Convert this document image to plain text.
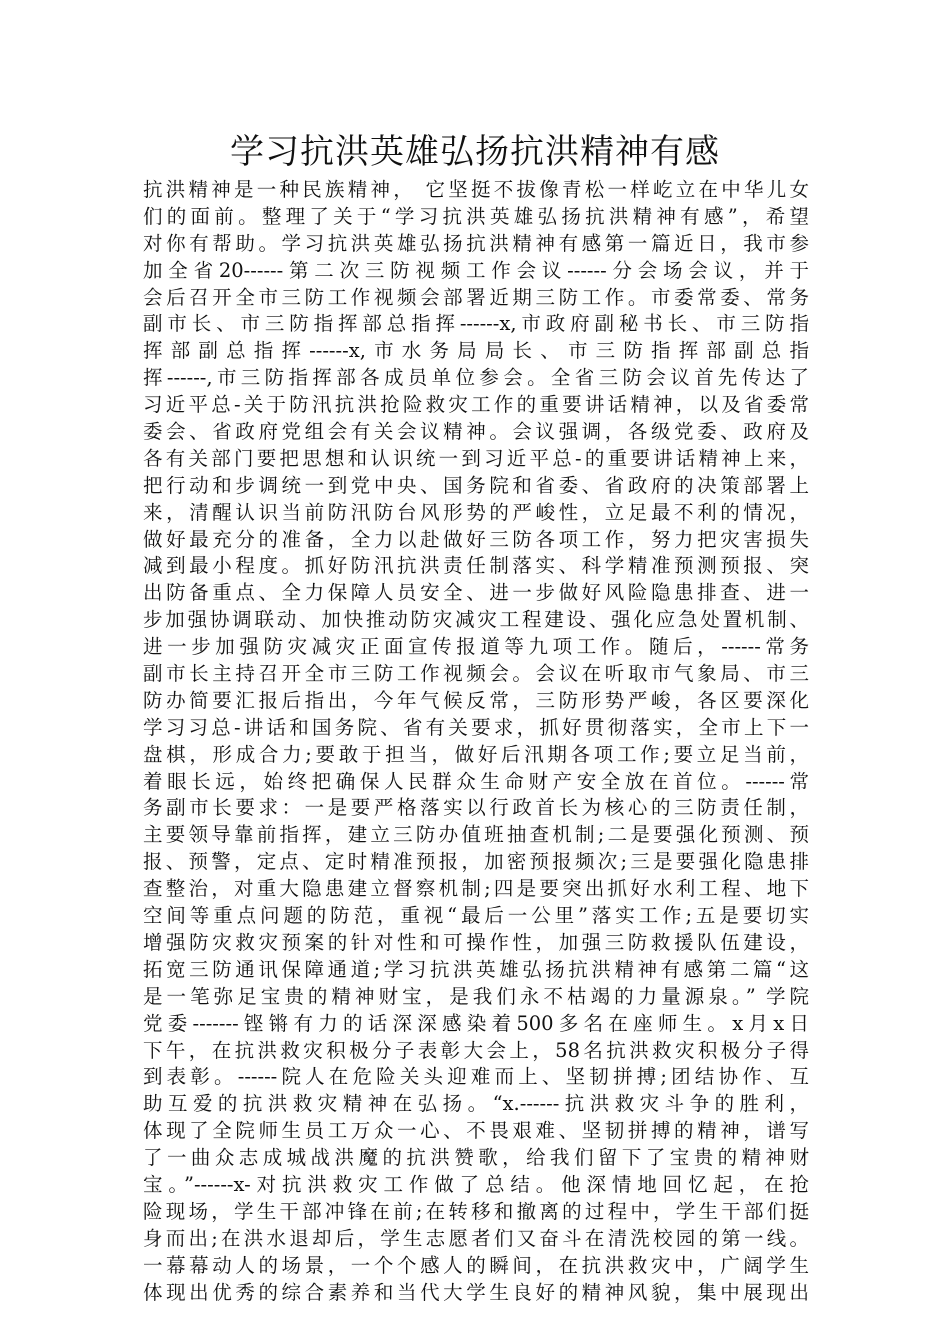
学习抗洪英雄弘扬抗洪精神有感
抗洪精神是一种民族精神， 它坚挺不拔像青松一样屹立在中华儿女
们的面前。整理了关于“学习抗洪英雄弘扬抗洪精神有感”，希望
对你有帮助。学习抗洪英雄弘扬抗洪精神有感第一篇近日，我市参
加全省20------第二次三防视频工作会议------分会场会议，并于
会后召开全市三防工作视频会部署近期三防工作。市委常委、常务
副市长、市三防指挥部总指挥------x,市政府副秘书长、市三防指
挥部副总指挥------x,市水务局局长、市三防指挥部副总指
挥------,市三防指挥部各成员单位参会。全省三防会议首先传达了
习近平总-关于防汛抗洪抢险救灾工作的重要讲话精神，以及省委常
委会、省政府党组会有关会议精神。会议强调，各级党委、政府及
各有关部门要把思想和认识统一到习近平总-的重要讲话精神上来，
把行动和步调统一到党中央、国务院和省委、省政府的决策部署上
来，清醒认识当前防汛防台风形势的严峻性，立足最不利的情况，
做好最充分的准备，全力以赴做好三防各项工作，努力把灾害损失
减到最小程度。抓好防汛抗洪责任制落实、科学精准预测预报、突
出防备重点、全力保障人员安全、进一步做好风险隐患排查、进一
步加强协调联动、加快推动防灾减灾工程建设、强化应急处置机制、
进一步加强防灾减灾正面宣传报道等九项工作。随后，------常务
副市长主持召开全市三防工作视频会。会议在听取市气象局、市三
防办简要汇报后指出，今年气候反常，三防形势严峻，各区要深化
学习习总-讲话和国务院、省有关要求，抓好贯彻落实，全市上下一
盘棋，形成合力;要敢于担当，做好后汛期各项工作;要立足当前，
着眼长远，始终把确保人民群众生命财产安全放在首位。------常
务副市长要求：一是要严格落实以行政首长为核心的三防责任制，
主要领导靠前指挥，建立三防办值班抽查机制;二是要强化预测、预
报、预警，定点、定时精准预报，加密预报频次;三是要强化隐患排
查整治，对重大隐患建立督察机制;四是要突出抓好水利工程、地下
空间等重点问题的防范，重视“最后一公里”落实工作;五是要切实
增强防灾救灾预案的针对性和可操作性，加强三防救援队伍建设，
拓宽三防通讯保障通道;学习抗洪英雄弘扬抗洪精神有感第二篇“这
是一笔弥足宝贵的精神财宝，是我们永不枯竭的力量源泉。” 学院
党委-------铿锵有力的话深深感染着500多名在座师生。x月x日
下午，在抗洪救灾积极分子表彰大会上，58名抗洪救灾积极分子得
到表彰。------院人在危险关头迎难而上、坚韧拼搏;团结协作、互
助互爱的抗洪救灾精神在弘扬。“x.------抗洪救灾斗争的胜利，
体现了全院师生员工万众一心、不畏艰难、坚韧拼搏的精神，谱写
了一曲众志成城战洪魔的抗洪赞歌，给我们留下了宝贵的精神财
宝。”------x-对抗洪救灾工作做了总结。他深情地回忆起，在抢
险现场，学生干部冲锋在前;在转移和撤离的过程中，学生干部们挺
身而出;在洪水退却后，学生志愿者们又奋斗在清洗校园的第一线。
一幕幕动人的场景，一个个感人的瞬间，在抗洪救灾中，广阔学生
体现出优秀的综合素养和当代大学生良好的精神风貌，集中展现出
